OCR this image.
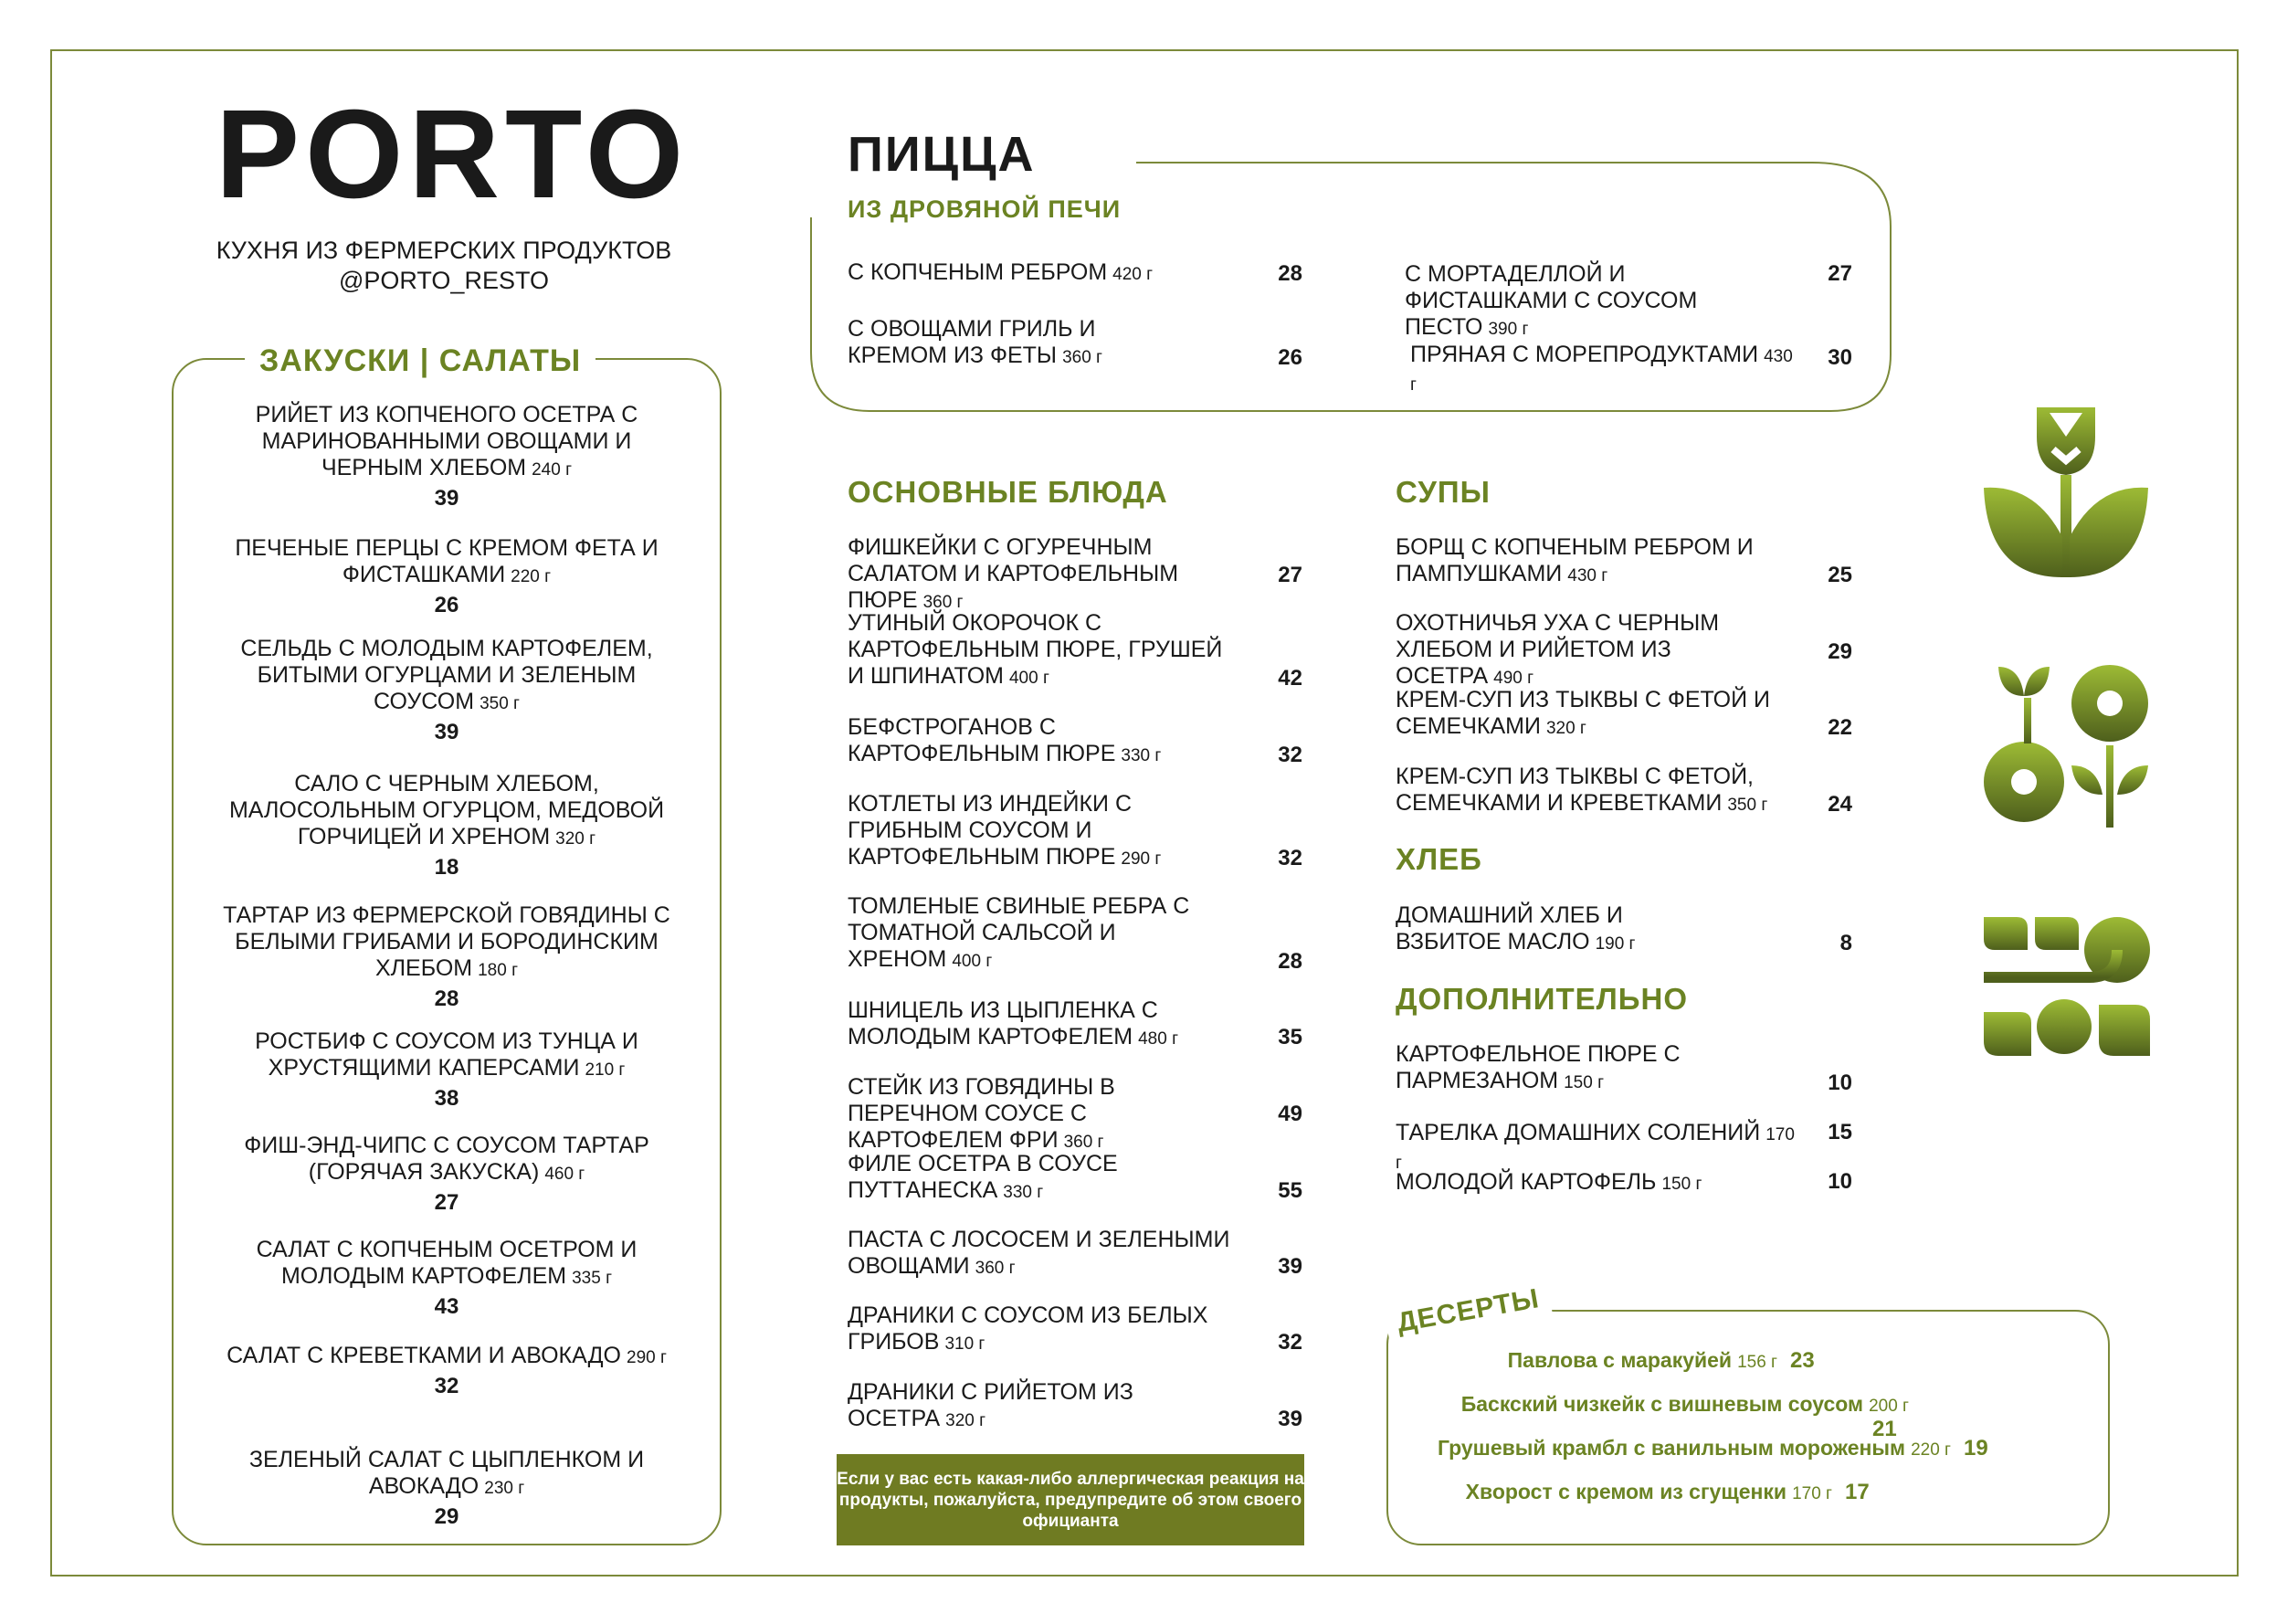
PORTO
КУХНЯ ИЗ ФЕРМЕРСКИХ ПРОДУКТОВ
@PORTO_RESTO
ЗАКУСКИ | САЛАТЫ
РИЙЕТ ИЗ КОПЧЕНОГО ОСЕТРА С МАРИНОВАННЫМИ ОВОЩАМИ И ЧЕРНЫМ ХЛЕБОМ 240 г
39
ПЕЧЕНЫЕ ПЕРЦЫ С КРЕМОМ ФЕТА И ФИСТАШКАМИ 220 г
26
СЕЛЬДЬ С МОЛОДЫМ КАРТОФЕЛЕМ, БИТЫМИ ОГУРЦАМИ И ЗЕЛЕНЫМ СОУСОМ 350 г
39
САЛО С ЧЕРНЫМ ХЛЕБОМ, МАЛОСОЛЬНЫМ ОГУРЦОМ, МЕДОВОЙ ГОРЧИЦЕЙ И ХРЕНОМ 320 г
18
ТАРТАР ИЗ ФЕРМЕРСКОЙ ГОВЯДИНЫ С БЕЛЫМИ ГРИБАМИ И БОРОДИНСКИМ ХЛЕБОМ 180 г
28
РОСТБИФ С СОУСОМ ИЗ ТУНЦА И ХРУСТЯЩИМИ КАПЕРСАМИ 210 г
38
ФИШ-ЭНД-ЧИПС С СОУСОМ ТАРТАР (ГОРЯЧАЯ ЗАКУСКА) 460 г
27
САЛАТ С КОПЧЕНЫМ ОСЕТРОМ И МОЛОДЫМ КАРТОФЕЛЕМ 335 г
43
САЛАТ С КРЕВЕТКАМИ И АВОКАДО 290 г
32
ЗЕЛЕНЫЙ САЛАТ С ЦЫПЛЕНКОМ И АВОКАДО 230 г
29
ПИЦЦА
ИЗ ДРОВЯНОЙ ПЕЧИ
С КОПЧЕНЫМ РЕБРОМ 420 г	28
С ОВОЩАМИ ГРИЛЬ И КРЕМОМ ИЗ ФЕТЫ 360 г	26
С МОРТАДЕЛЛОЙ И ФИСТАШКАМИ С СОУСОМ ПЕСТО 390 г
27
ПРЯНАЯ С МОРЕПРОДУКТАМИ 430 г
30
ОСНОВНЫЕ БЛЮДА
ФИШКЕЙКИ С ОГУРЕЧНЫМ САЛАТОМ И КАРТОФЕЛЬНЫМ ПЮРЕ 360 г
27
УТИНЫЙ ОКОРОЧОК С КАРТОФЕЛЬНЫМ ПЮРЕ, ГРУШЕЙ И ШПИНАТОМ 400 г	42
БЕФСТРОГАНОВ С КАРТОФЕЛЬНЫМ ПЮРЕ 330 г	32
КОТЛЕТЫ ИЗ ИНДЕЙКИ С ГРИБНЫМ СОУСОМ И КАРТОФЕЛЬНЫМ ПЮРЕ 290 г	32
ТОМЛЕНЫЕ СВИНЫЕ РЕБРА С ТОМАТНОЙ САЛЬСОЙ И ХРЕНОМ 400 г	28
ШНИЦЕЛЬ ИЗ ЦЫПЛЕНКА С МОЛОДЫМ КАРТОФЕЛЕМ 480 г	35
СТЕЙК ИЗ ГОВЯДИНЫ В ПЕРЕЧНОМ СОУСЕ С КАРТОФЕЛЕМ ФРИ 360 г
49
ФИЛЕ ОСЕТРА В СОУСЕ ПУТТАНЕСКА 330 г	55
ПАСТА С ЛОСОСЕМ И ЗЕЛЕНЫМИ ОВОЩАМИ 360 г	39
ДРАНИКИ С СОУСОМ ИЗ БЕЛЫХ ГРИБОВ 310 г	32
ДРАНИКИ С РИЙЕТОМ ИЗ ОСЕТРА 320 г	39
Если у вас есть какая-либо аллергическая реакция на продукты, пожалуйста, предупредите об этом своего официанта
СУПЫ
ХЛЕБ
ДОПОЛНИТЕЛЬНО
БОРЩ С КОПЧЕНЫМ РЕБРОМ И ПАМПУШКАМИ 430 г	25
ОХОТНИЧЬЯ УХА С ЧЕРНЫМ ХЛЕБОМ И РИЙЕТОМ ИЗ ОСЕТРА 490 г
29
КРЕМ-СУП ИЗ ТЫКВЫ С ФЕТОЙ И СЕМЕЧКАМИ 320 г	22
КРЕМ-СУП ИЗ ТЫКВЫ С ФЕТОЙ, СЕМЕЧКАМИ И КРЕВЕТКАМИ 350 г	24
ДОМАШНИЙ ХЛЕБ И ВЗБИТОЕ МАСЛО 190 г	8
КАРТОФЕЛЬНОЕ ПЮРЕ С ПАРМЕЗАНОМ 150 г	10
ТАРЕЛКА ДОМАШНИХ СОЛЕНИЙ 170 г
15
МОЛОДОЙ КАРТОФЕЛЬ 150 г	10
ДЕСЕРТЫ
Павлова с маракуйей 156 г 23
Баскский чизкейк с вишневым соусом 200 г21
Грушевый крамбл с ванильным мороженым 220 г 19
Хворост с кремом из сгущенки 170 г 17
